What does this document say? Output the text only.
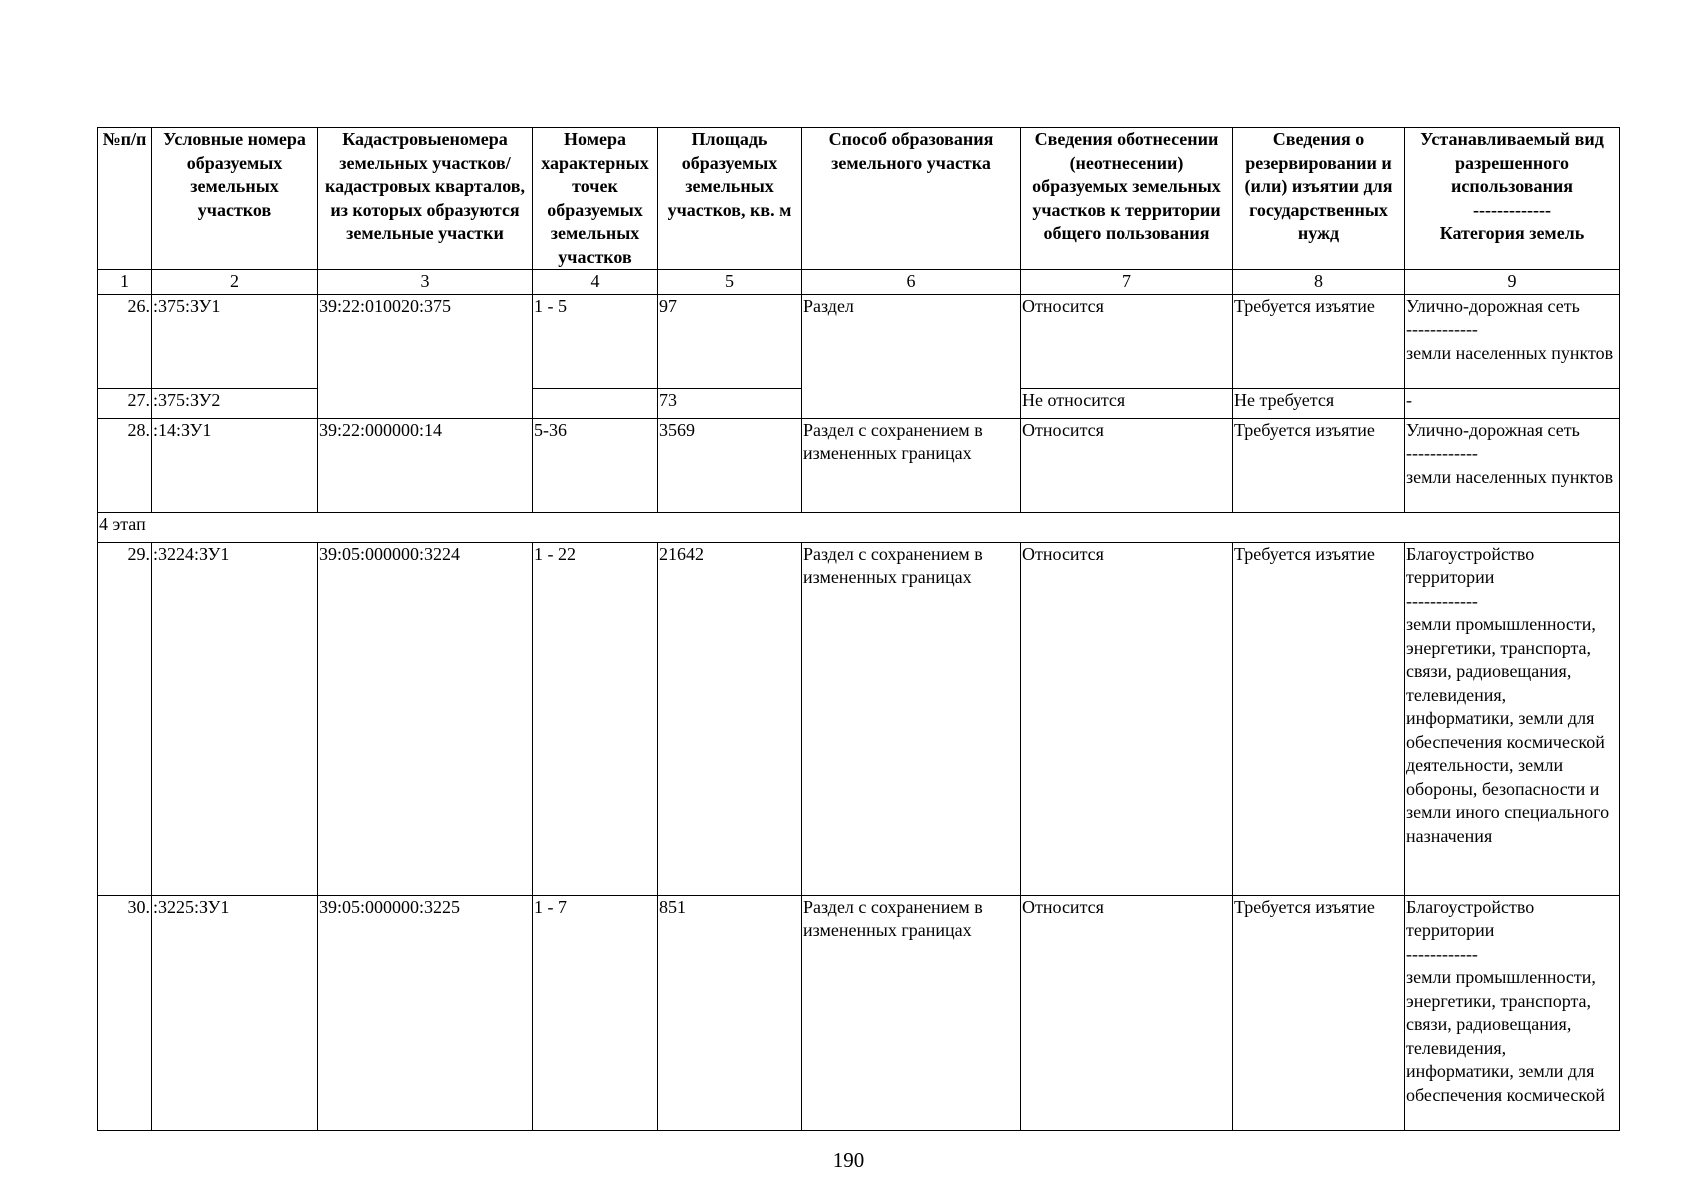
№п/п	Условные номера образуемых земельных участков	Кадастровыеномера земельных участков/кадастровых кварталов, из которых образуются земельные участки	Номера характерных точек образуемых земельных участков	Площадь образуемых земельных участков, кв. м	Способ образования земельного участка	Сведения оботнесении (неотнесении) образуемых земельных участков к территории общего пользования	Сведения о резервировании и (или) изъятии для государственных нужд	Устанавливаемый вид разрешенного использования
-------------
Категория земель

1	2	3	4	5	6	7	8	9
26.	:375:ЗУ1	39:22:010020:375	1 - 5	97	Раздел	Относится	Требуется изъятие	Улично-дорожная сеть
------------
земли населенных пунктов

27.	:375:ЗУ2			73		Не относится	Не требуется	-
28.	:14:ЗУ1	39:22:000000:14	5-36	3569	Раздел с сохранением в измененных границах	Относится	Требуется изъятие	Улично-дорожная сеть
------------
земли населенных пунктов

4 этап								
29.	:3224:ЗУ1	39:05:000000:3224	1 - 22	21642	Раздел с сохранением в измененных границах	Относится	Требуется изъятие	Благоустройство территории
------------
земли промышленности, энергетики, транспорта, связи, радиовещания, телевидения, информатики, земли для обеспечения космической деятельности, земли обороны, безопасности и земли иного специального назначения

30.	:3225:ЗУ1	39:05:000000:3225	1 - 7	851	Раздел с сохранением в измененных границах	Относится	Требуется изъятие	Благоустройство территории
------------
земли промышленности, энергетики, транспорта, связи, радиовещания, телевидения, информатики, земли для обеспечения космической
190
